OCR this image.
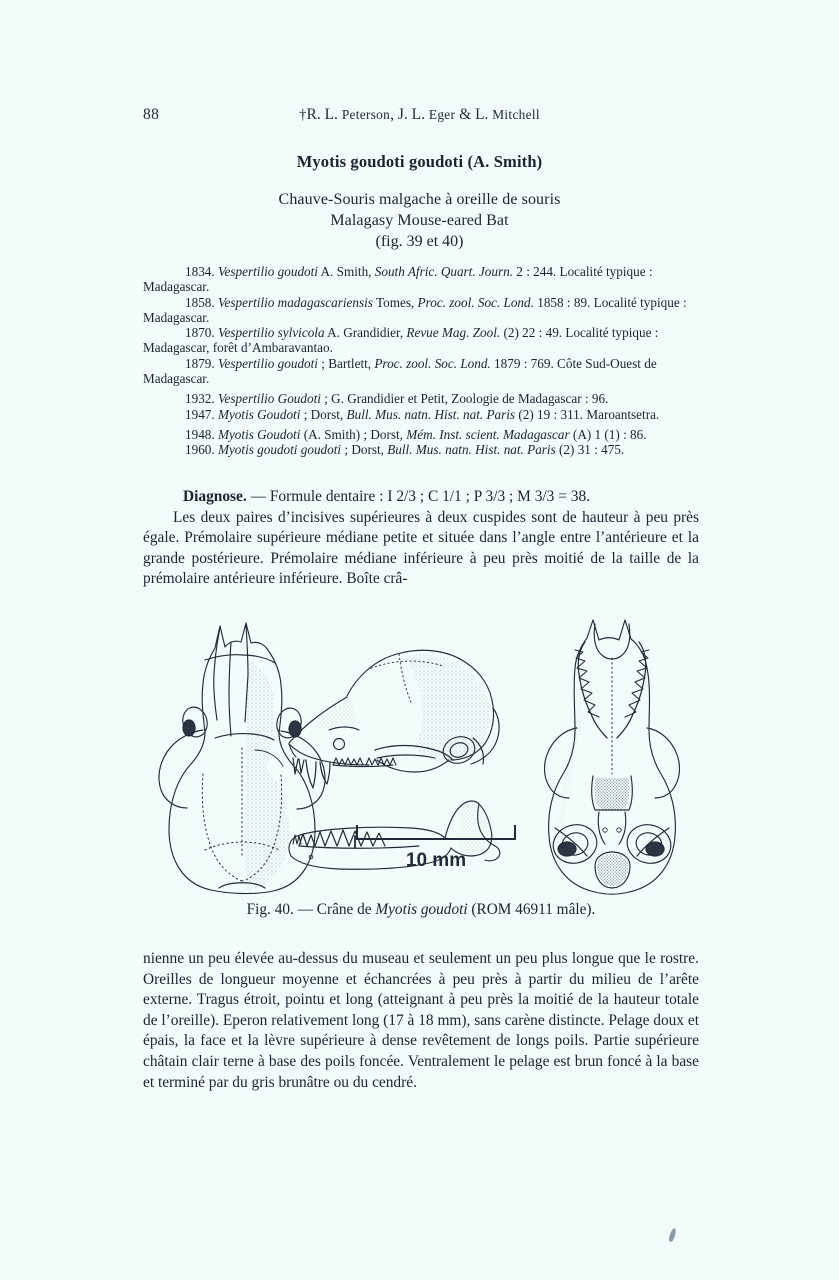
88	†R. L. Peterson, J. L. Eger & L. Mitchell
Myotis goudoti goudoti (A. Smith)
Chauve-Souris malgache à oreille de souris
Malagasy Mouse-eared Bat
(fig. 39 et 40)

1834. Vespertilio goudoti A. Smith, South Afric. Quart. Journ. 2 : 244. Localité typique : Madagascar.

1858. Vespertilio madagascariensis Tomes, Proc. zool. Soc. Lond. 1858 : 89. Localité typique : Madagascar.

1870. Vespertilio sylvicola A. Grandidier, Revue Mag. Zool. (2) 22 : 49. Localité typique : Madagascar, forêt d’Ambaravantao.

1879. Vespertilio goudoti ; Bartlett, Proc. zool. Soc. Lond. 1879 : 769. Côte Sud-Ouest de Madagascar.

1932. Vespertilio Goudoti ; G. Grandidier et Petit, Zoologie de Madagascar : 96.

1947. Myotis Goudoti ; Dorst, Bull. Mus. natn. Hist. nat. Paris (2) 19 : 311. Maroantsetra.

1948. Myotis Goudoti (A. Smith) ; Dorst, Mém. Inst. scient. Madagascar (A) 1 (1) : 86.

1960. Myotis goudoti goudoti ; Dorst, Bull. Mus. natn. Hist. nat. Paris (2) 31 : 475.

Diagnose. — Formule dentaire : I 2/3 ; C 1/1 ; P 3/3 ; M 3/3 = 38.

Les deux paires d’incisives supérieures à deux cuspides sont de hauteur à peu près égale. Prémolaire supérieure médiane petite et située dans l’angle entre l’antérieure et la grande postérieure. Prémolaire médiane inférieure à peu près moitié de la taille de la prémolaire antérieure inférieure. Boîte crâ-

10 mm
Fig. 40. — Crâne de Myotis goudoti (ROM 46911 mâle).

nienne un peu élevée au-dessus du museau et seulement un peu plus longue que le rostre. Oreilles de longueur moyenne et échancrées à peu près à partir du milieu de l’arête externe. Tragus étroit, pointu et long (atteignant à peu près la moitié de la hauteur totale de l’oreille). Eperon relativement long (17 à 18 mm), sans carène distincte. Pelage doux et épais, la face et la lèvre supérieure à dense revêtement de longs poils. Partie supérieure châtain clair terne à base des poils foncée. Ventralement le pelage est brun foncé à la base et terminé par du gris brunâtre ou du cendré.
